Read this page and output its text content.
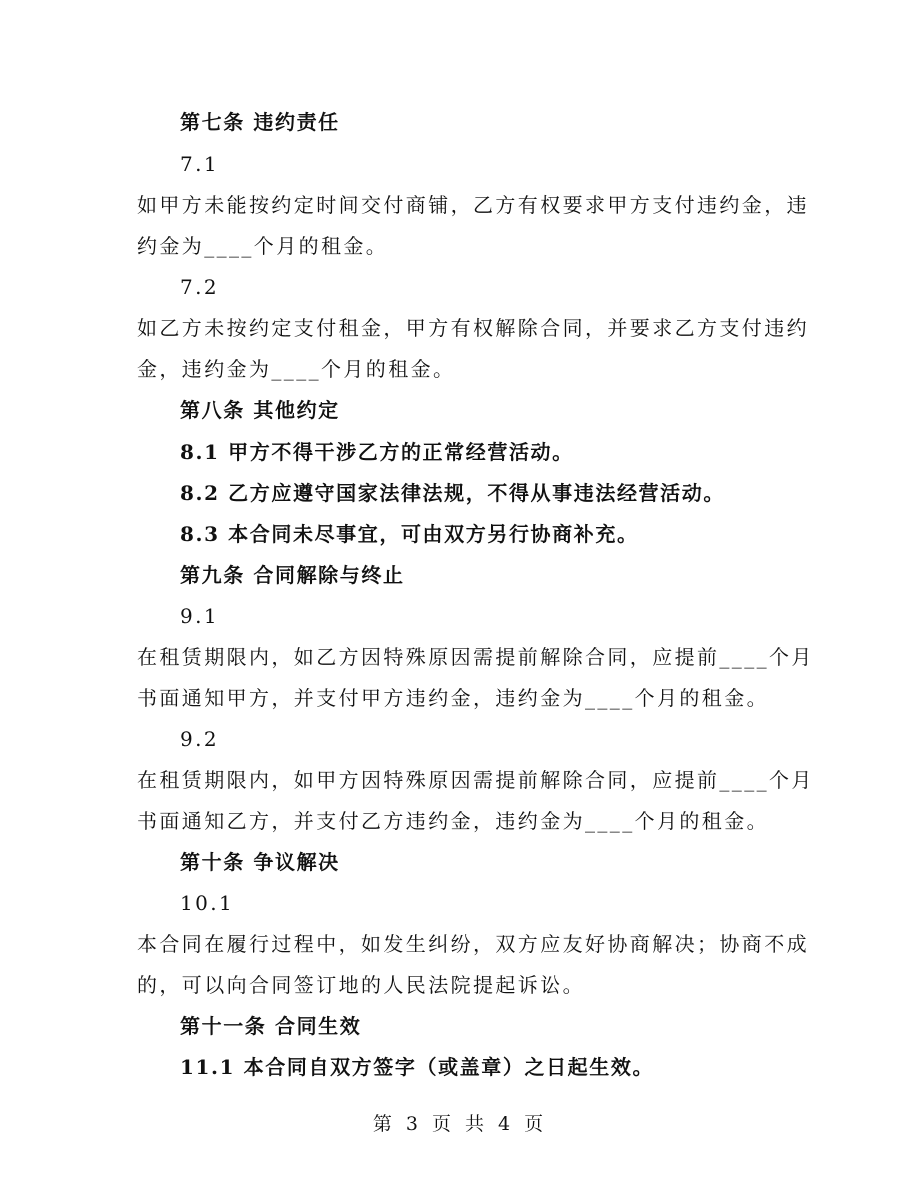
第七条 违约责任
7.1
如甲方未能按约定时间交付商铺，乙方有权要求甲方支付违约金，违
约金为____个月的租金。
7.2
如乙方未按约定支付租金，甲方有权解除合同，并要求乙方支付违约
金，违约金为____个月的租金。
第八条 其他约定
8.1 甲方不得干涉乙方的正常经营活动。
8.2 乙方应遵守国家法律法规，不得从事违法经营活动。
8.3 本合同未尽事宜，可由双方另行协商补充。
第九条 合同解除与终止
9.1
在租赁期限内，如乙方因特殊原因需提前解除合同，应提前____个月
书面通知甲方，并支付甲方违约金，违约金为____个月的租金。
9.2
在租赁期限内，如甲方因特殊原因需提前解除合同，应提前____个月
书面通知乙方，并支付乙方违约金，违约金为____个月的租金。
第十条 争议解决
10.1
本合同在履行过程中，如发生纠纷，双方应友好协商解决；协商不成
的，可以向合同签订地的人民法院提起诉讼。
第十一条 合同生效
11.1 本合同自双方签字（或盖章）之日起生效。
第 3 页 共 4 页
